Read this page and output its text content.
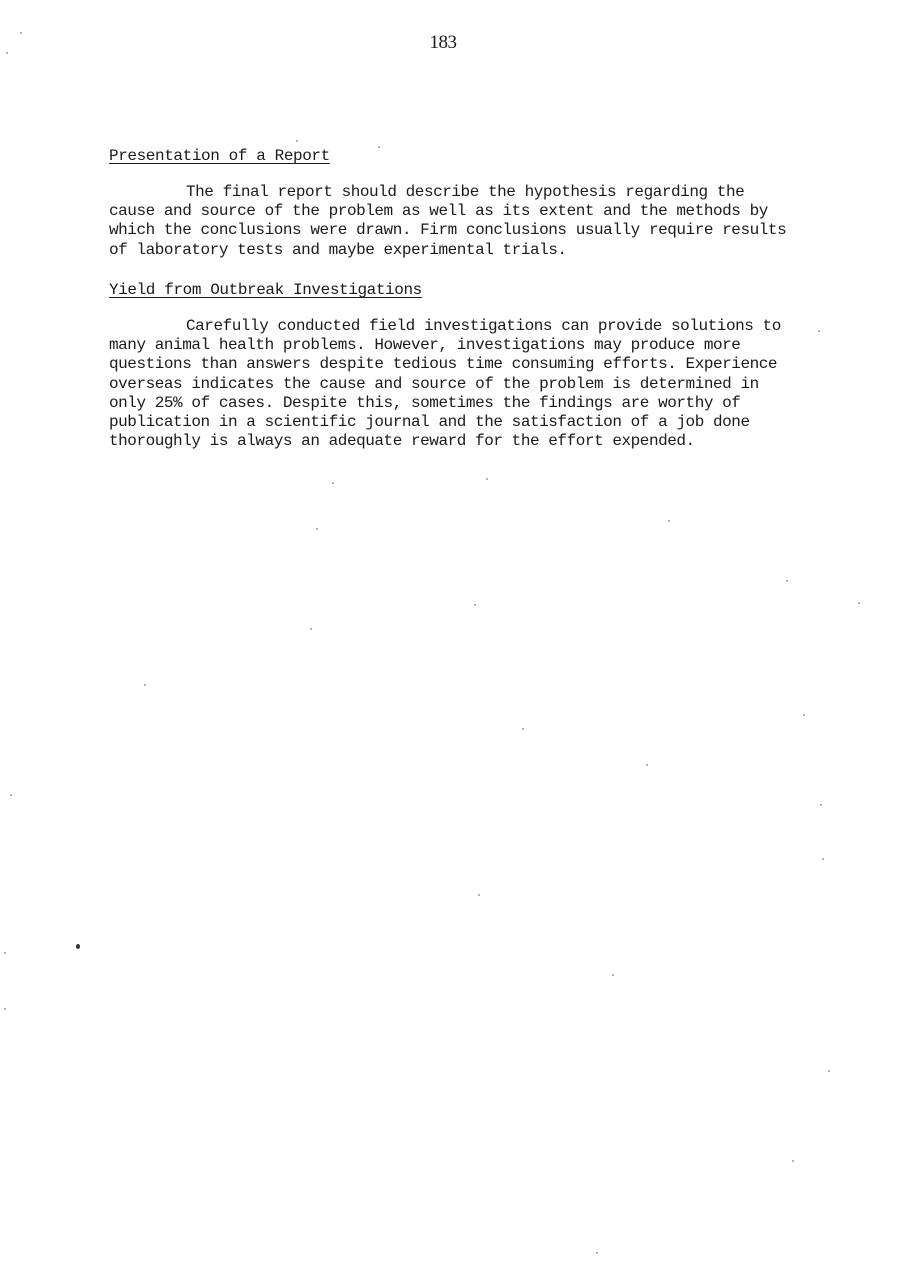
183
Presentation of a Report
The final report should describe the hypothesis regarding the
cause and source of the problem as well as its extent and the methods by
which the conclusions were drawn. Firm conclusions usually require results
of laboratory tests and maybe experimental trials.
Yield from Outbreak Investigations
Carefully conducted field investigations can provide solutions to
many animal health problems. However, investigations may produce more
questions than answers despite tedious time consuming efforts. Experience
overseas indicates the cause and source of the problem is determined in
only 25% of cases. Despite this, sometimes the findings are worthy of
publication in a scientific journal and the satisfaction of a job done
thoroughly is always an adequate reward for the effort expended.
